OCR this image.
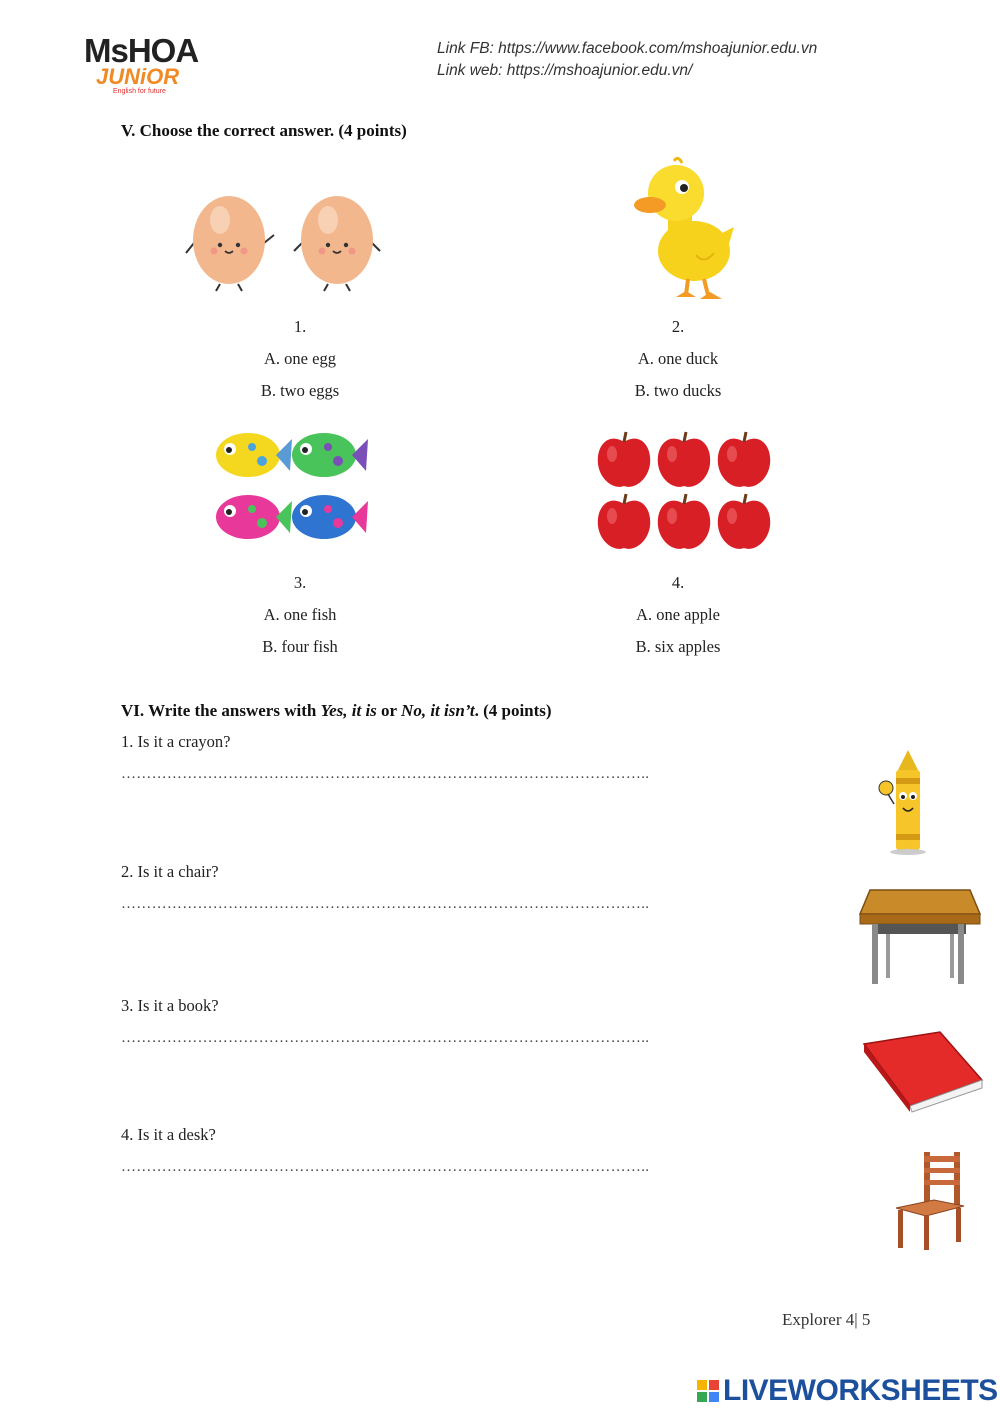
MsHOA
JUNiOR
English for future
Link FB: https://www.facebook.com/mshoajunior.edu.vn
Link web: https://mshoajunior.edu.vn/
V. Choose the correct answer. (4 points)
1.
A. one egg
B. two eggs
2.
A. one duck
B. two ducks
3.
A. one fish
B. four fish
4.
A. one apple
B. six apples
VI. Write the answers with Yes, it is or No, it isn’t. (4 points)
1. Is it a crayon?
…………………………………………………………………………………………..
2. Is it a chair?
…………………………………………………………………………………………..
3. Is it a book?
…………………………………………………………………………………………..
4. Is it a desk?
…………………………………………………………………………………………..
Explorer 4| 5
LIVEWORKSHEETS
